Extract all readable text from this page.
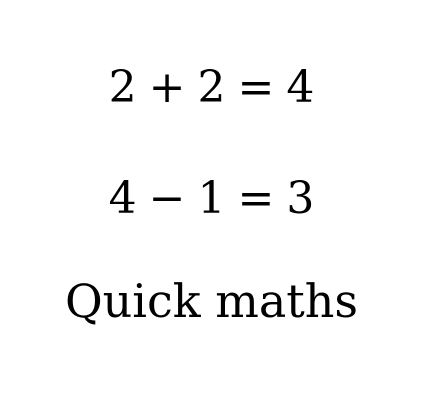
2 + 2 = 4
4 − 1 = 3
Quick maths
